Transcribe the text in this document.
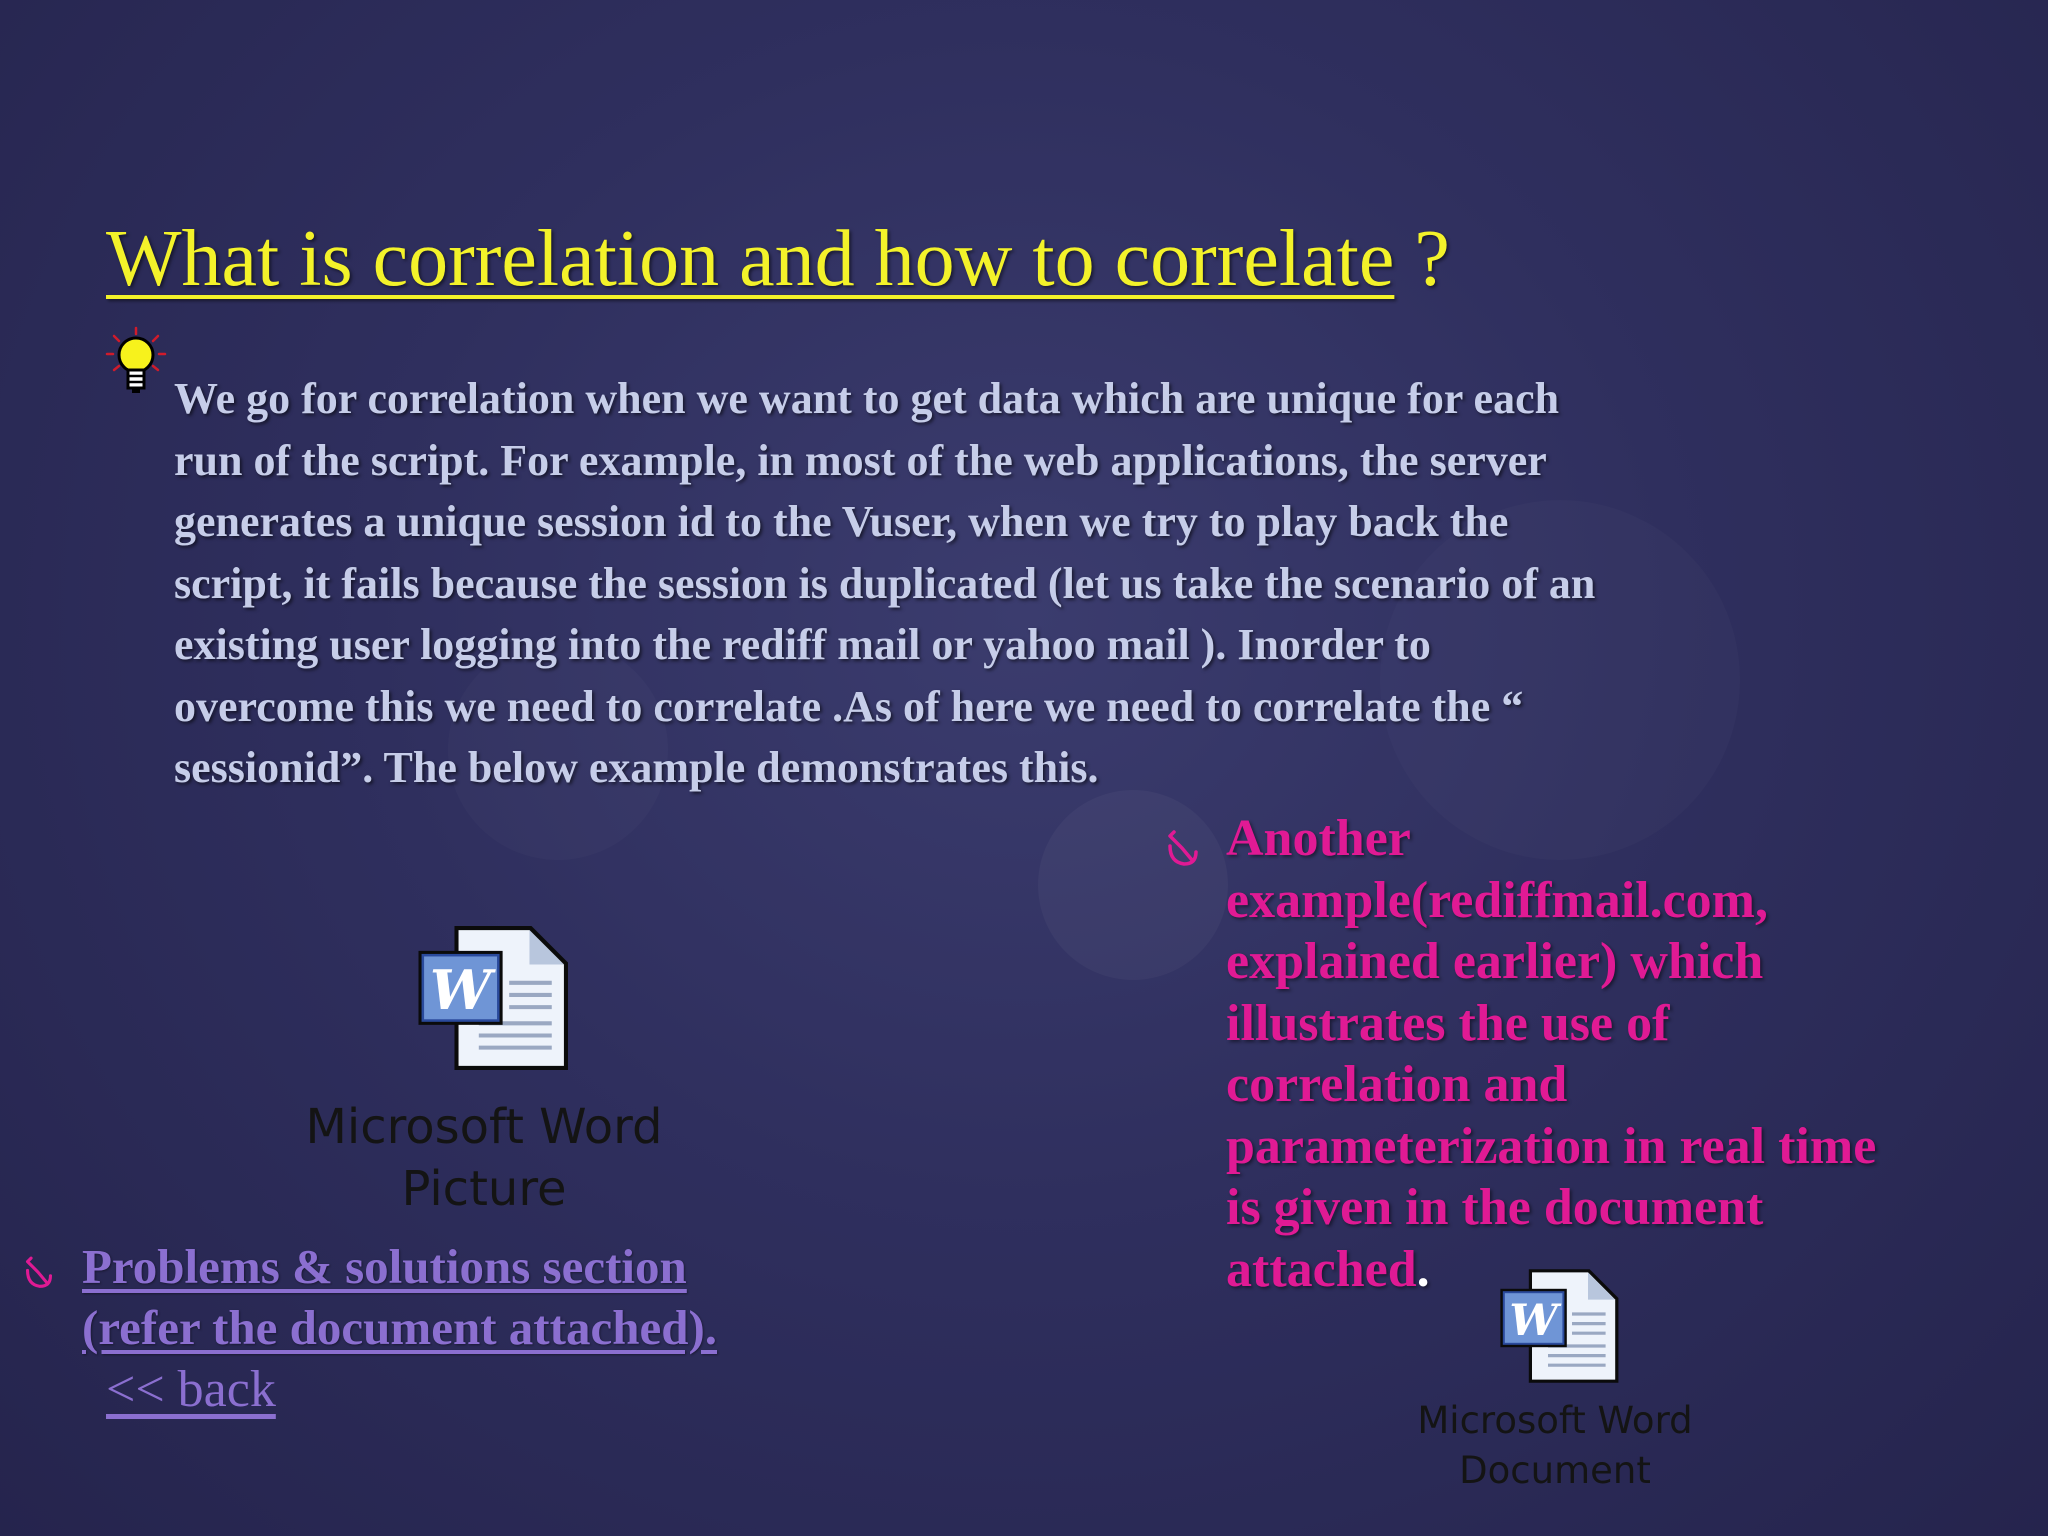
What is correlation and how to correlate ?
We go for correlation when we want to get data which are unique for each
run of the script. For example, in most of the web applications, the server
generates a unique session id to the Vuser, when we try to play back the
script, it fails because the session is duplicated (let us take the scenario of an
existing user logging into the rediff mail or yahoo mail ). Inorder to
overcome this we need to correlate .As of here we need to correlate the “
sessionid”. The below example demonstrates this.
W
Microsoft Word
Picture
Another
example(rediffmail.com,
explained earlier) which
illustrates the use of
correlation and
parameterization in real time
is given in the document
attached.
W
Microsoft Word
Document
Problems & solutions section
(refer the document attached).
<< back
